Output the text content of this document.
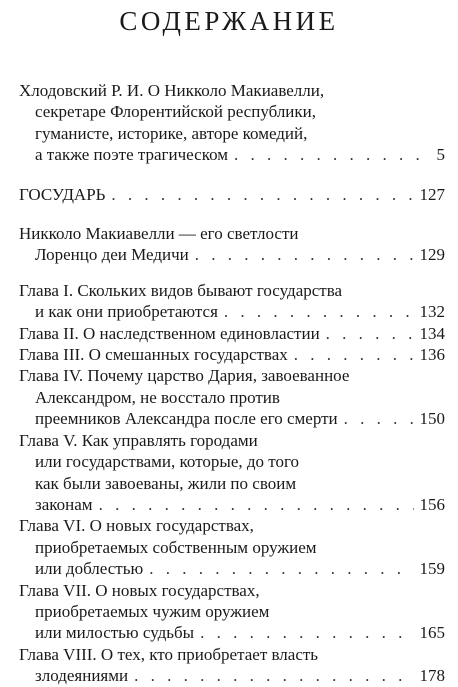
СОДЕРЖАНИЕ
Хлодовский Р. И. О Никколо Макиавелли,
секретаре Флорентийской республики,
гуманисте, историке, авторе комедий,
а также поэте трагическом . . .	5
ГОСУДАРЬ . . .	127
Никколо Макиавелли — его светлости
Лоренцо деи Медичи . . .	129
Глава I. Скольких видов бывают государства
и как они приобретаются . . .	132
Глава II. О наследственном единовластии . . .	134
Глава III. О смешанных государствах . . .	136
Глава IV. Почему царство Дария, завоеванное
Александром, не восстало против
преемников Александра после его смерти . . .	150
Глава V. Как управлять городами
или государствами, которые, до того
как были завоеваны, жили по своим
законам . . .	156
Глава VI. О новых государствах,
приобретаемых собственным оружием
или доблестью . . .	159
Глава VII. О новых государствах,
приобретаемых чужим оружием
или милостью судьбы . . .	165
Глава VIII. О тех, кто приобретает власть
злодеяниями . . .	178
